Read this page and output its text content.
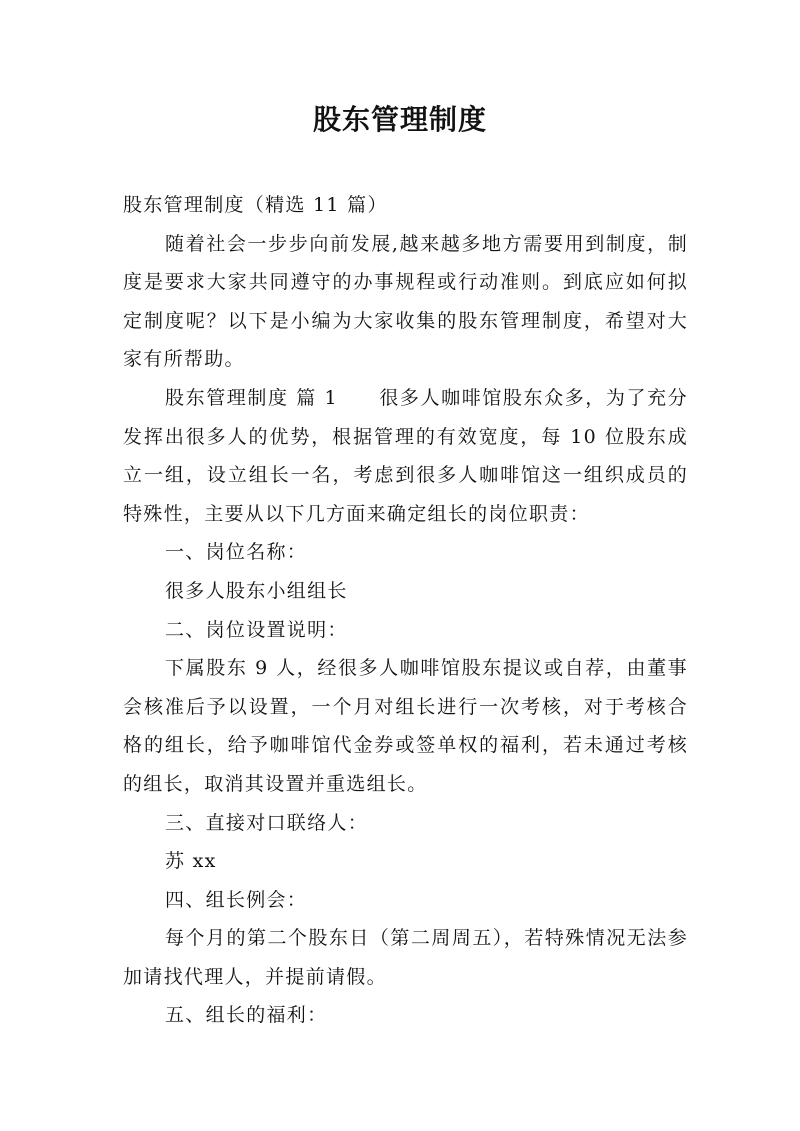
股东管理制度

股东管理制度（精选 11 篇）

随着社会一步步向前发展,越来越多地方需要用到制度，制度是要求大家共同遵守的办事规程或行动准则。到底应如何拟定制度呢？以下是小编为大家收集的股东管理制度，希望对大家有所帮助。

股东管理制度 篇 1　　很多人咖啡馆股东众多，为了充分发挥出很多人的优势，根据管理的有效宽度，每 10 位股东成立一组，设立组长一名，考虑到很多人咖啡馆这一组织成员的特殊性，主要从以下几方面来确定组长的岗位职责：

一、岗位名称：

很多人股东小组组长

二、岗位设置说明：

下属股东 9 人，经很多人咖啡馆股东提议或自荐，由董事会核准后予以设置，一个月对组长进行一次考核，对于考核合格的组长，给予咖啡馆代金券或签单权的福利，若未通过考核的组长，取消其设置并重选组长。

三、直接对口联络人：

苏 xx

四、组长例会：

每个月的第二个股东日（第二周周五），若特殊情况无法参加请找代理人，并提前请假。

五、组长的福利：
